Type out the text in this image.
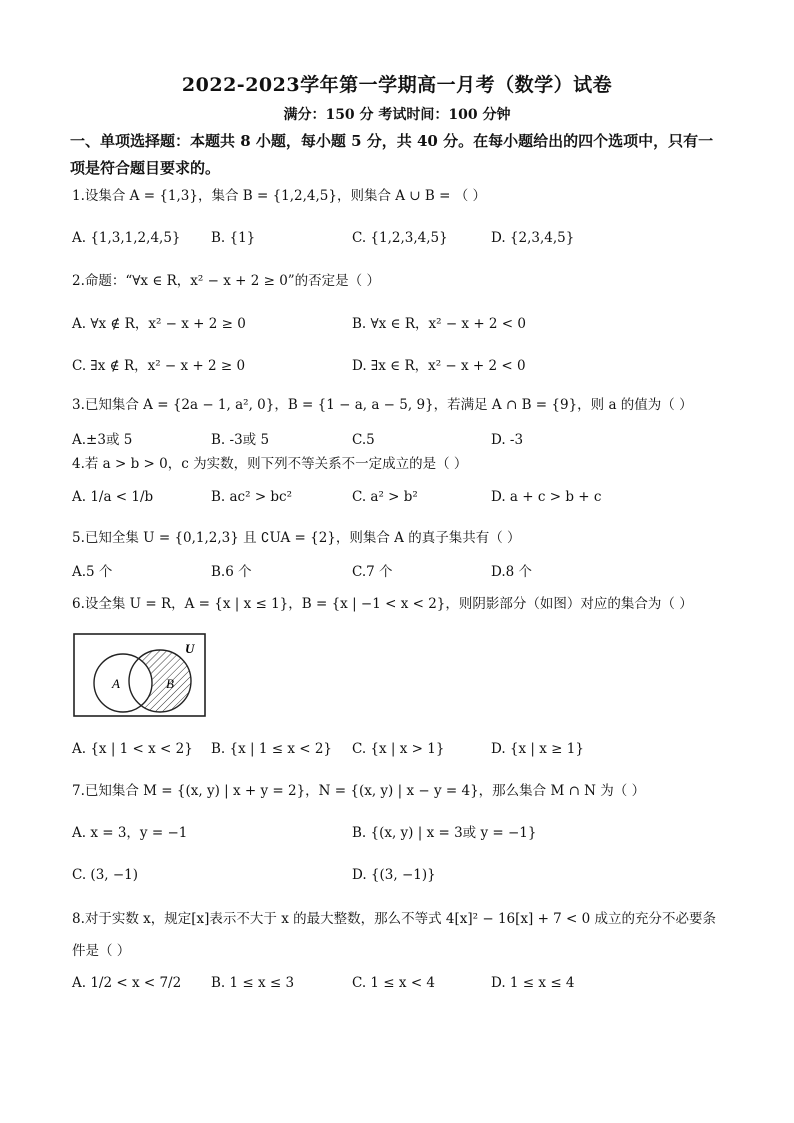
2022-2023学年第一学期高一月考（数学）试卷
满分：150 分 考试时间：100 分钟
一、单项选择题：本题共 8 小题，每小题 5 分，共 40 分。在每小题给出的四个选项中，只有一项是符合题目要求的。
1.设集合 A = {1,3}，集合 B = {1,2,4,5}，则集合 A ∪ B = （ ）
A. {1,3,1,2,4,5} B. {1}	C. {1,2,3,4,5}	D. {2,3,4,5}
2.命题：“∀x ∈ R，x² − x + 2 ≥ 0”的否定是（ ）
A. ∀x ∉ R，x² − x + 2 ≥ 0	B. ∀x ∈ R，x² − x + 2 < 0
C. ∃x ∉ R，x² − x + 2 ≥ 0	D. ∃x ∈ R，x² − x + 2 < 0
3.已知集合 A = {2a − 1, a², 0}，B = {1 − a, a − 5, 9}，若满足 A ∩ B = {9}，则 a 的值为（ ）
A.±3或 5	B. -3或 5	C.5	D. -3
4.若 a > b > 0，c 为实数，则下列不等关系不一定成立的是（ ）
A. 1/a < 1/b	B. ac² > bc²	C. a² > b²	D. a + c > b + c
5.已知全集 U = {0,1,2,3} 且 ∁UA = {2}，则集合 A 的真子集共有（ ）
A.5 个	B.6 个	C.7 个	D.8 个
6.设全集 U = R，A = {x | x ≤ 1}，B = {x | −1 < x < 2}，则阴影部分（如图）对应的集合为（ ）
U
A	B
A. {x | 1 < x < 2} B. {x | 1 ≤ x < 2} C. {x | x > 1}	D. {x | x ≥ 1}
7.已知集合 M = {(x, y) | x + y = 2}，N = {(x, y) | x − y = 4}，那么集合 M ∩ N 为（ ）
A. x = 3，y = −1	B. {(x, y) | x = 3或 y = −1}
C. (3, −1)	D. {(3, −1)}
8.对于实数 x，规定[x]表示不大于 x 的最大整数，那么不等式 4[x]² − 16[x] + 7 < 0 成立的充分不必要条
件是（ ）
A. 1/2 < x < 7/2 B. 1 ≤ x ≤ 3	C. 1 ≤ x < 4	D. 1 ≤ x ≤ 4
